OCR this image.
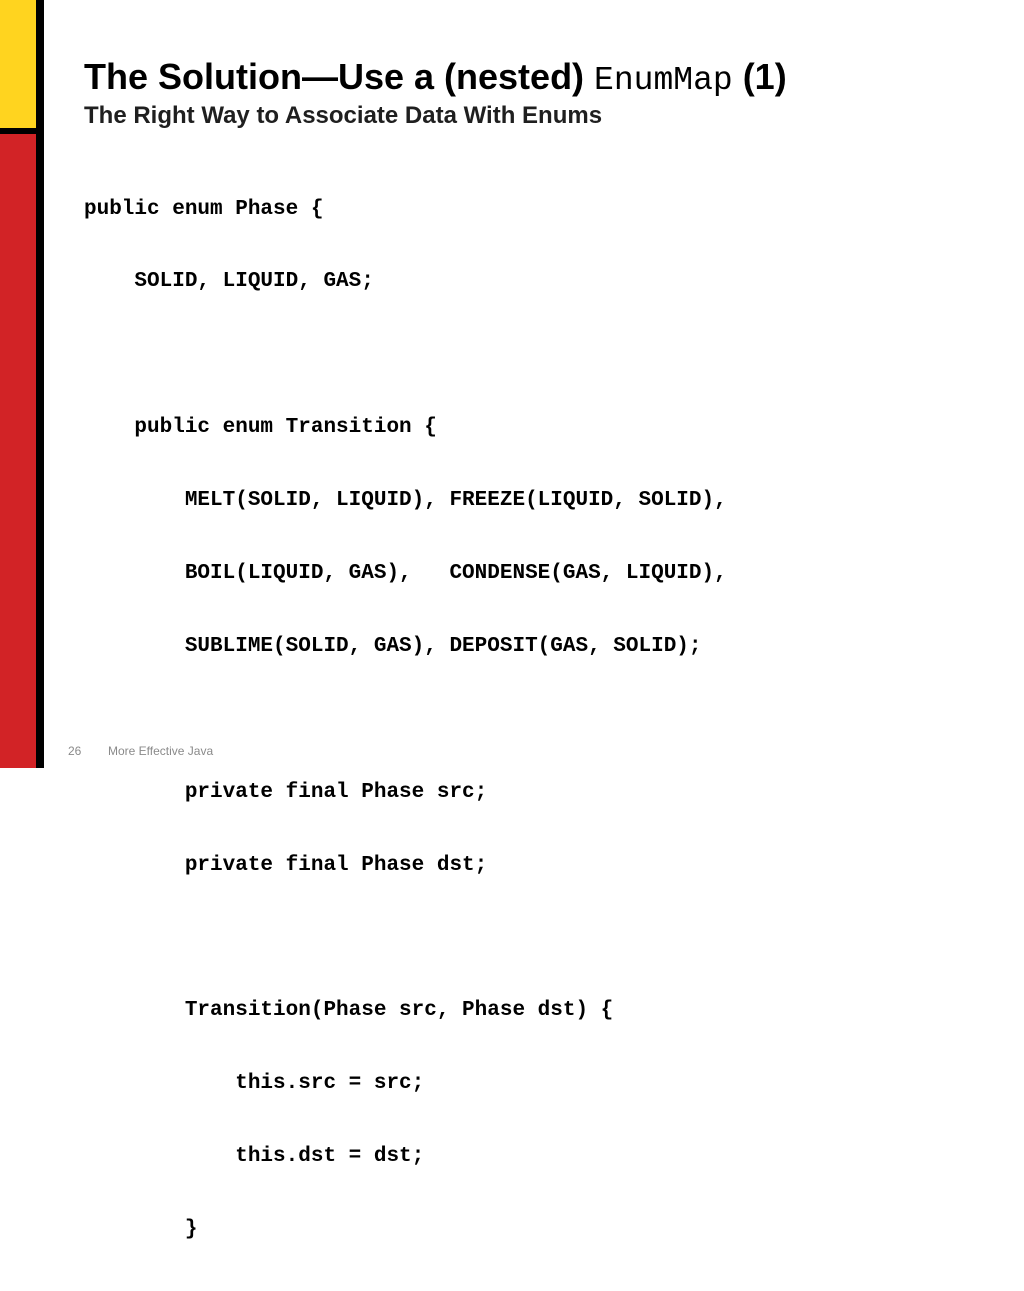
The Solution—Use a (nested) EnumMap (1)
The Right Way to Associate Data With Enums

public enum Phase {

SOLID, LIQUID, GAS;

public enum Transition {

MELT(SOLID, LIQUID), FREEZE(LIQUID, SOLID),

BOIL(LIQUID, GAS),   CONDENSE(GAS, LIQUID),

SUBLIME(SOLID, GAS), DEPOSIT(GAS, SOLID);

private final Phase src;

private final Phase dst;

Transition(Phase src, Phase dst) {

this.src = src;

this.dst = dst;

}

26 More Effective Java
